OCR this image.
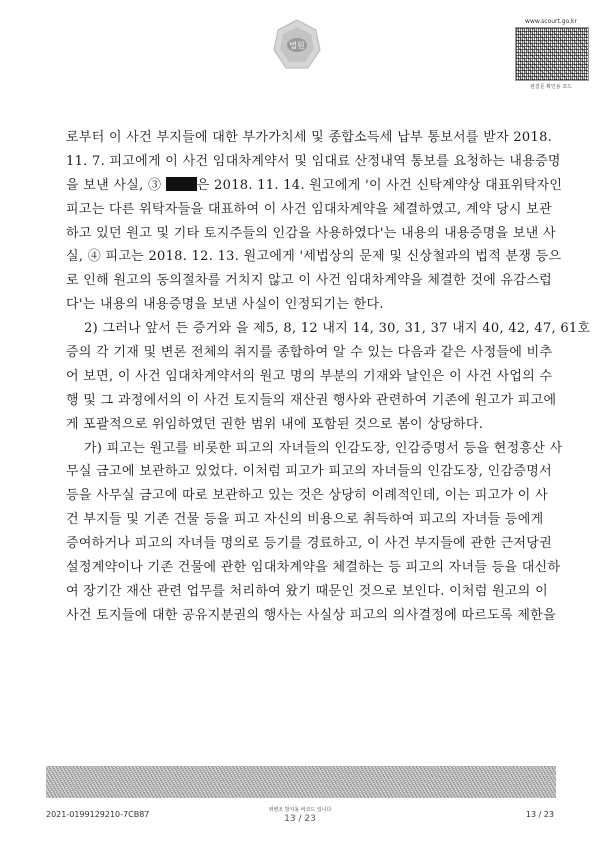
법원
www.scourt.go.kr
판결문 확인용 코드
로부터 이 사건 부지들에 대한 부가가치세 및 종합소득세 납부 통보서를 받자 2018.
11. 7. 피고에게 이 사건 임대차계약서 및 임대료 산정내역 통보를 요청하는 내용증명
을 보낸 사실, ③	은 2018. 11. 14. 원고에게 '이 사건 신탁계약상 대표위탁자인
피고는 다른 위탁자들을 대표하여 이 사건 임대차계약을 체결하였고, 계약 당시 보관
하고 있던 원고 및 기타 토지주들의 인감을 사용하였다'는 내용의 내용증명을 보낸 사
실, ④ 피고는 2018. 12. 13. 원고에게 '세법상의 문제 및 신상철과의 법적 분쟁 등으
로 인해 원고의 동의절차를 거치지 않고 이 사건 임대차계약을 체결한 것에 유감스럽
다'는 내용의 내용증명을 보낸 사실이 인정되기는 한다.
2) 그러나 앞서 든 증거와 을 제5, 8, 12 내지 14, 30, 31, 37 내지 40, 42, 47, 61호
증의 각 기재 및 변론 전체의 취지를 종합하여 알 수 있는 다음과 같은 사정들에 비추
어 보면, 이 사건 임대차계약서의 원고 명의 부분의 기재와 날인은 이 사건 사업의 수
행 및 그 과정에서의 이 사건 토지들의 재산권 행사와 관련하여 기존에 원고가 피고에
게 포괄적으로 위임하였던 권한 범위 내에 포함된 것으로 봄이 상당하다.
가) 피고는 원고를 비롯한 피고의 자녀들의 인감도장, 인감증명서 등을 현정흥산 사
무실 금고에 보관하고 있었다. 이처럼 피고가 피고의 자녀들의 인감도장, 인감증명서
등을 사무실 금고에 따로 보관하고 있는 것은 상당히 이례적인데, 이는 피고가 이 사
건 부지들 및 기존 건물 등을 피고 자신의 비용으로 취득하여 피고의 자녀들 등에게
증여하거나 피고의 자녀들 명의로 등기를 경료하고, 이 사건 부지들에 관한 근저당권
설정계약이나 기존 건물에 관한 임대차계약을 체결하는 등 피고의 자녀들 등을 대신하
여 장기간 재산 관련 업무를 처리하여 왔기 때문인 것으로 보인다. 이처럼 원고의 이
사건 토지들에 대한 공유지분권의 행사는 사실상 피고의 의사결정에 따르도록 제한을
2021-0199129210-7CB87	위변조 방지용 바코드 입니다
13 / 23	13 / 23
